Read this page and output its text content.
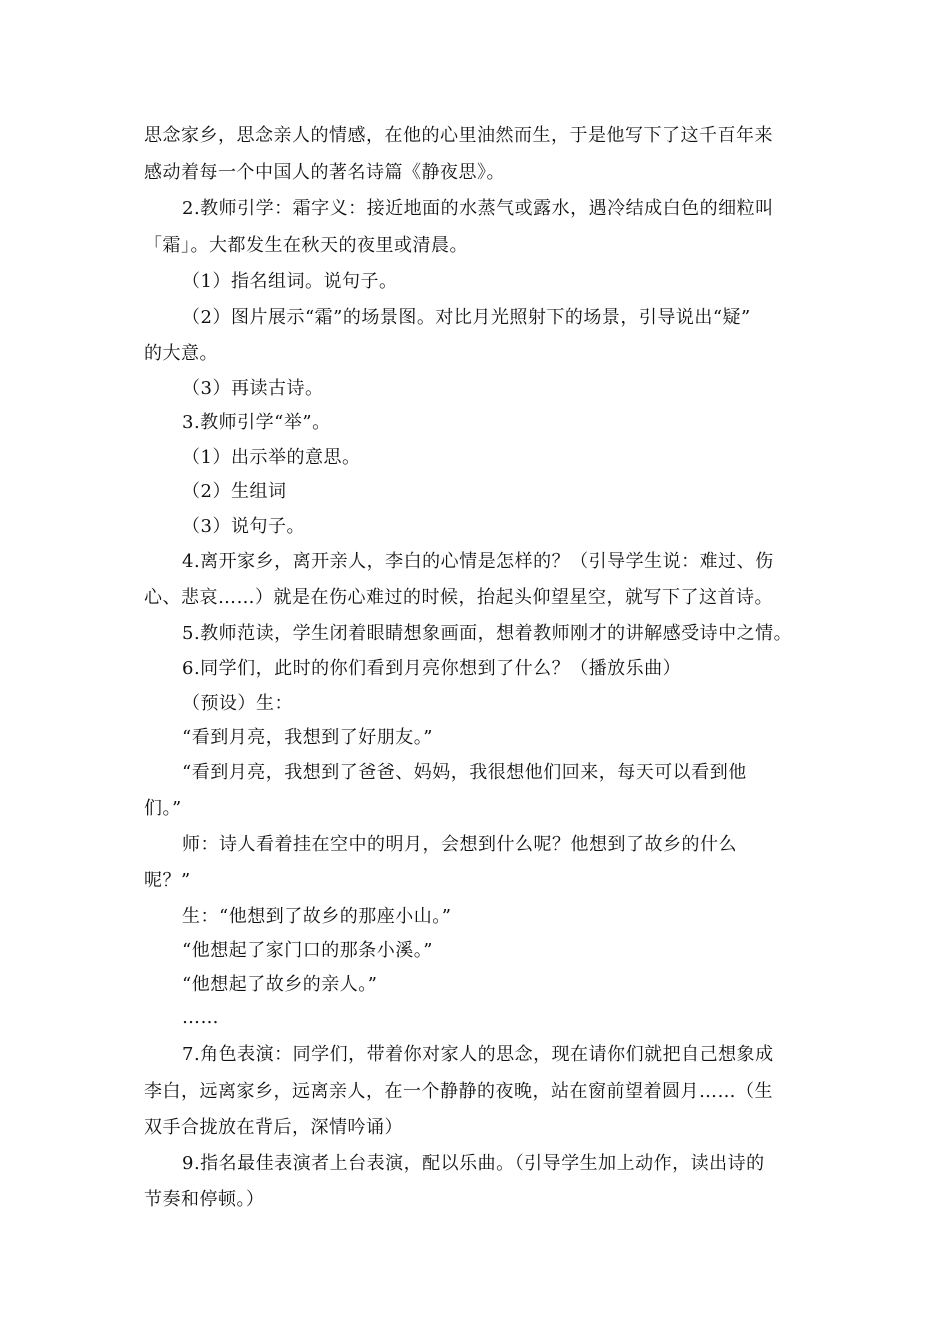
思念家乡，思念亲人的情感，在他的心里油然而生，于是他写下了这千百年来
感动着每一个中国人的著名诗篇《静夜思》。
2.教师引学：霜字义：接近地面的水蒸气或露水，遇冷结成白色的细粒叫
「霜」。大都发生在秋天的夜里或清晨。
（1）指名组词。说句子。
（2）图片展示“霜”的场景图。对比月光照射下的场景，引导说出“疑”
的大意。
（3）再读古诗。
3.教师引学“举”。
（1）出示举的意思。
（2）生组词
（3）说句子。
4.离开家乡，离开亲人，李白的心情是怎样的？（引导学生说：难过、伤
心、悲哀……）就是在伤心难过的时候，抬起头仰望星空，就写下了这首诗。
5.教师范读，学生闭着眼睛想象画面，想着教师刚才的讲解感受诗中之情。
6.同学们，此时的你们看到月亮你想到了什么？（播放乐曲）
（预设）生：
“看到月亮，我想到了好朋友。”
“看到月亮，我想到了爸爸、妈妈，我很想他们回来，每天可以看到他
们。”
师：诗人看着挂在空中的明月，会想到什么呢？他想到了故乡的什么
呢？”
生：“他想到了故乡的那座小山。”
“他想起了家门口的那条小溪。”
“他想起了故乡的亲人。”
……
7.角色表演：同学们，带着你对家人的思念，现在请你们就把自己想象成
李白，远离家乡，远离亲人，在一个静静的夜晚，站在窗前望着圆月……（生
双手合拢放在背后，深情吟诵）
9.指名最佳表演者上台表演，配以乐曲。（引导学生加上动作，读出诗的
节奏和停顿。）
